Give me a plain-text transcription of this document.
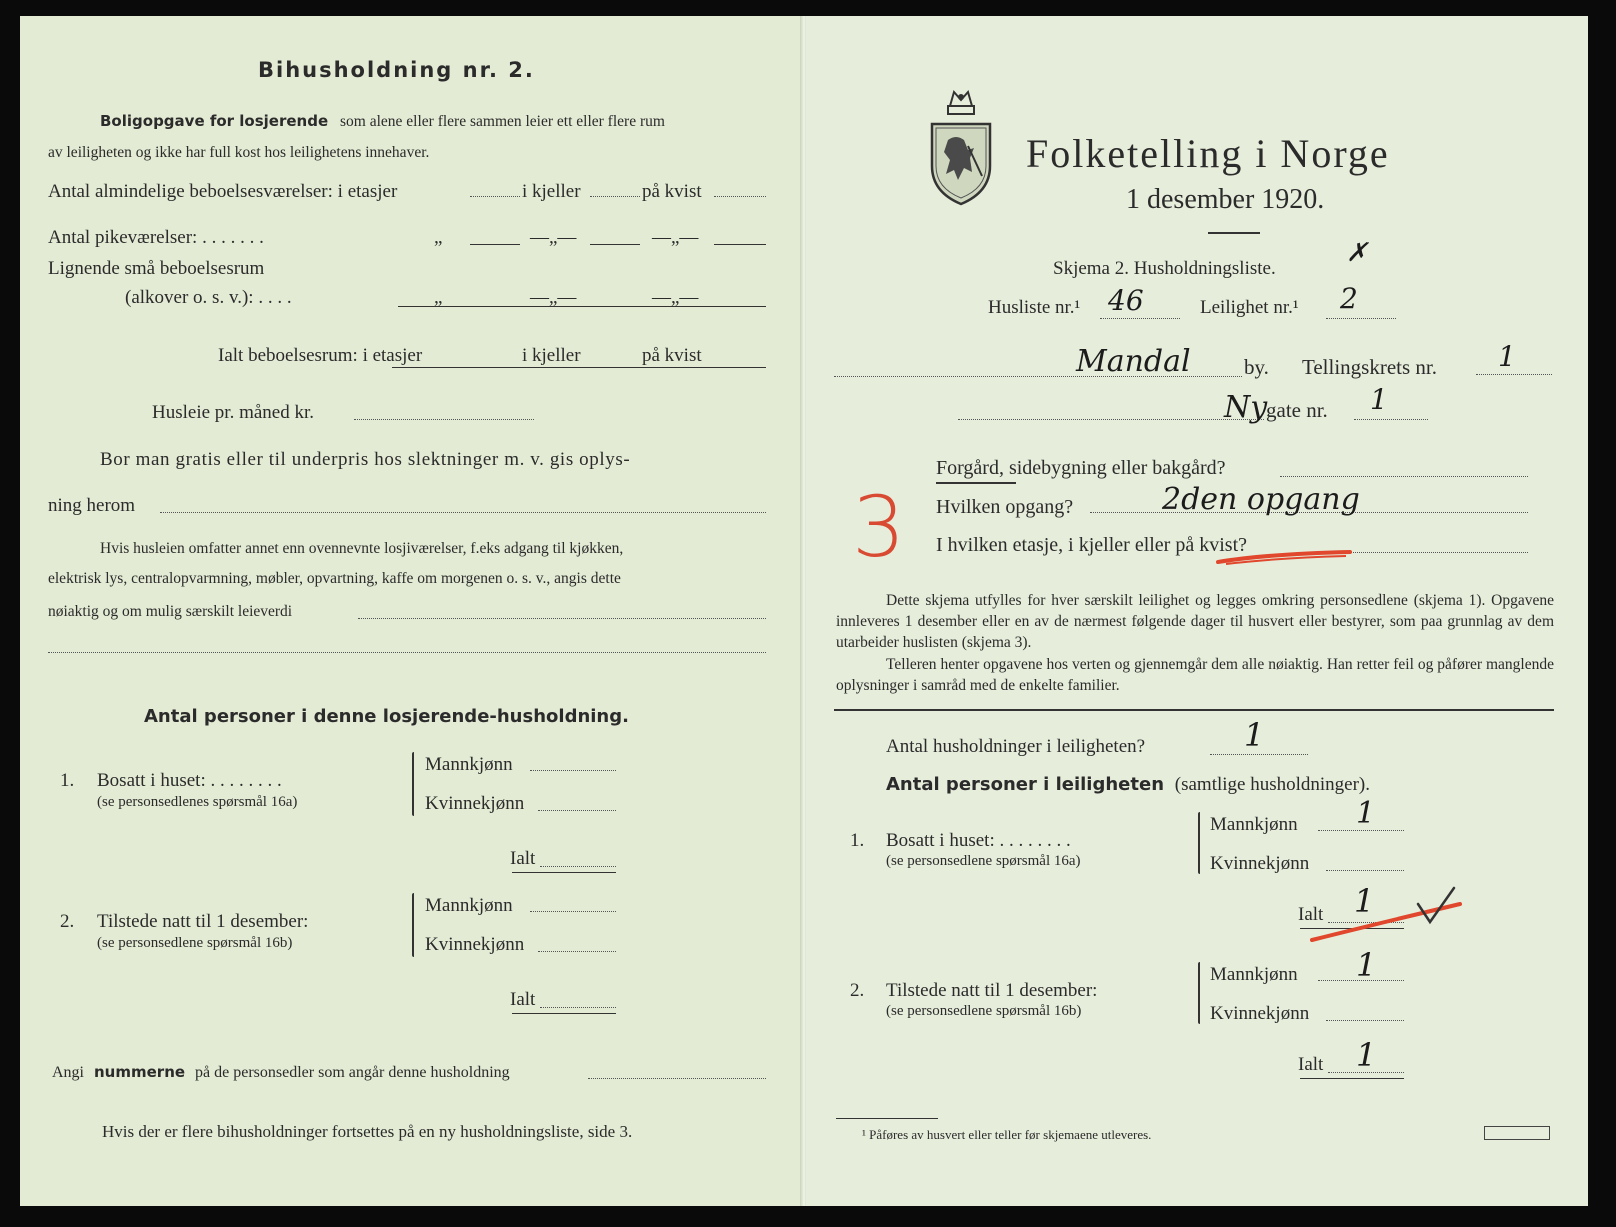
Bihusholdning nr. 2.
Boligopgave for losjerende som alene eller flere sammen leier ett eller flere rum
av leiligheten og ikke har full kost hos leilighetens innehaver.
Antal almindelige beboelsesværelser: i etasjer	i kjeller	på kvist
Antal pikeværelser: . . . . . . .	„	—„—	—„—
Lignende små beboelsesrum
(alkover o. s. v.): . . . .	„	—„—	—„—
Ialt beboelsesrum: i etasjer	i kjeller	på kvist
Husleie pr. måned kr.
Bor man gratis eller til underpris hos slektninger m. v. gis oplys-
ning herom
Hvis husleien omfatter annet enn ovennevnte losjiværelser, f.eks adgang til kjøkken,
elektrisk lys, centralopvarmning, møbler, opvartning, kaffe om morgenen o. s. v., angis dette
nøiaktig og om mulig særskilt leieverdi
Antal personer i denne losjerende-husholdning.
1. Bosatt i huset: . . . . . . . .
(se personsedlenes spørsmål 16a)
Mannkjønn
Kvinnekjønn
Ialt
2. Tilstede natt til 1 desember:
(se personsedlene spørsmål 16b)
Mannkjønn
Kvinnekjønn
Ialt
Angi nummerne på de personsedler som angår denne husholdning
Hvis der er flere bihusholdninger fortsettes på en ny husholdningsliste, side 3.
Folketelling i Norge
1 desember 1920.
Skjema 2. Husholdningsliste.
✗
Husliste nr.¹ 46	Leilighet nr.¹ 2
Mandal	by. Tellingskrets nr. 1
Ny
gate nr. 1
Forgård, sidebygning eller bakgård?
Hvilken opgang?	2den opgang
I hvilken etasje, i kjeller eller på kvist?
3
Dette skjema utfylles for hver særskilt leilighet og legges omkring personsedlene (skjema 1). Opgavene innleveres 1 desember eller en av de nærmest følgende dager til husvert eller bestyrer, som paa grunnlag av dem utarbeider huslisten (skjema 3).
Telleren henter opgavene hos verten og gjennemgår dem alle nøiaktig. Han retter feil og påfører manglende oplysninger i samråd med de enkelte familier.
Antal husholdninger i leiligheten?	1
Antal personer i leiligheten (samtlige husholdninger).
1. Bosatt i huset: . . . . . . . .
(se personsedlene spørsmål 16a)
Mannkjønn 1
Kvinnekjønn
Ialt 1
2. Tilstede natt til 1 desember:
(se personsedlene spørsmål 16b)
Mannkjønn 1
Kvinnekjønn
Ialt 1
¹ Påføres av husvert eller teller før skjemaene utleveres.
